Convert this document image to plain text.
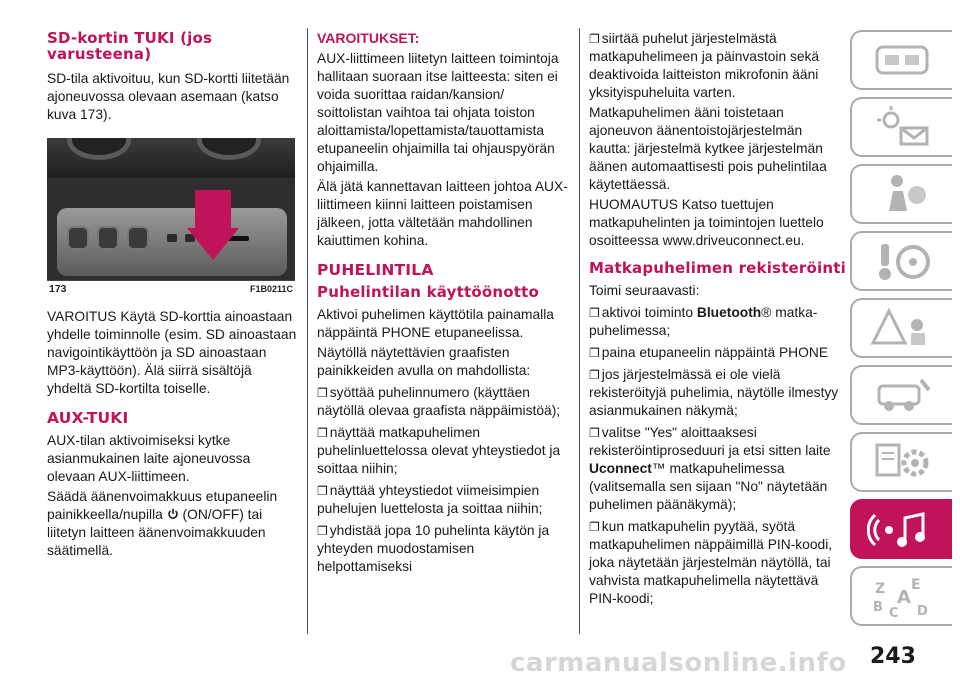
SD-kortin TUKI (jos varusteena)

SD-tila aktivoituu, kun SD-kortti liitetään ajoneuvossa olevaan asemaan (katso kuva 173).

173	F1B0211C

VAROITUS Käytä SD-korttia ainoastaan yhdelle toiminnolle (esim. SD ainoastaan navigointikäyttöön ja SD ainoastaan MP3-käyttöön). Älä siirrä sisältöjä yhdeltä SD-kortilta toiselle.

AUX-TUKI

AUX-tilan aktivoimiseksi kytke asianmukainen laite ajoneuvossa olevaan AUX-liittimeen.

Säädä äänenvoimakkuus etupaneelin painikkeella/nupilla (ON/OFF) tai liitetyn laitteen äänenvoimakkuuden säätimellä.

VAROITUKSET:

AUX-liittimeen liitetyn laitteen toimintoja hallitaan suoraan itse laitteesta: siten ei voida suorittaa raidan/kansion/ soittolistan vaihtoa tai ohjata toiston aloittamista/lopettamista/tauottamista etupaneelin ohjaimilla tai ohjauspyörän ohjaimilla.

Älä jätä kannettavan laitteen johtoa AUX-liittimeen kiinni laitteen poistamisen jälkeen, jotta vältetään mahdollinen kaiuttimen kohina.

PUHELINTILA
Puhelintilan käyttöönotto

Aktivoi puhelimen käyttötila painamalla näppäintä PHONE etupaneelissa.

Näytöllä näytettävien graafisten painikkeiden avulla on mahdollista:

❐ syöttää puhelinnumero (käyttäen näytöllä olevaa graafista näppäimistöä);

❐ näyttää matkapuhelimen puhelinluettelossa olevat yhteystiedot ja soittaa niihin;

❐ näyttää yhteystiedot viimeisimpien puhelujen luettelosta ja soittaa niihin;

❐ yhdistää jopa 10 puhelinta käytön ja yhteyden muodostamisen helpottamiseksi

❐ siirtää puhelut järjestelmästä matkapuhelimeen ja päinvastoin sekä deaktivoida laitteiston mikrofonin ääni yksityispuheluita varten.

Matkapuhelimen ääni toistetaan ajoneuvon äänentoistojärjestelmän kautta: järjestelmä kytkee järjestelmän äänen automaattisesti pois puhelintilaa käytettäessä.

HUOMAUTUS Katso tuettujen matkapuhelinten ja toimintojen luettelo osoitteessa www.driveuconnect.eu.

Matkapuhelimen rekisteröinti

Toimi seuraavasti:

❐ aktivoi toiminto Bluetooth® matka-puhelimessa;

❐ paina etupaneelin näppäintä PHONE

❐ jos järjestelmässä ei ole vielä rekisteröityjä puhelimia, näytölle ilmestyy asianmukainen näkymä;

❐ valitse "Yes" aloittaaksesi rekisteröintiproseduuri ja etsi sitten laite Uconnect™ matkapuhelimessa (valitsemalla sen sijaan "No" näytetään puhelimen päänäkymä);

❐ kun matkapuhelin pyytää, syötä matkapuhelimen näppäimillä PIN-koodi, joka näytetään järjestelmän näytöllä, tai vahvista matkapuhelimella näytettävä PIN-koodi;

Z E
A
B C D
carmanualsonline.info 243
